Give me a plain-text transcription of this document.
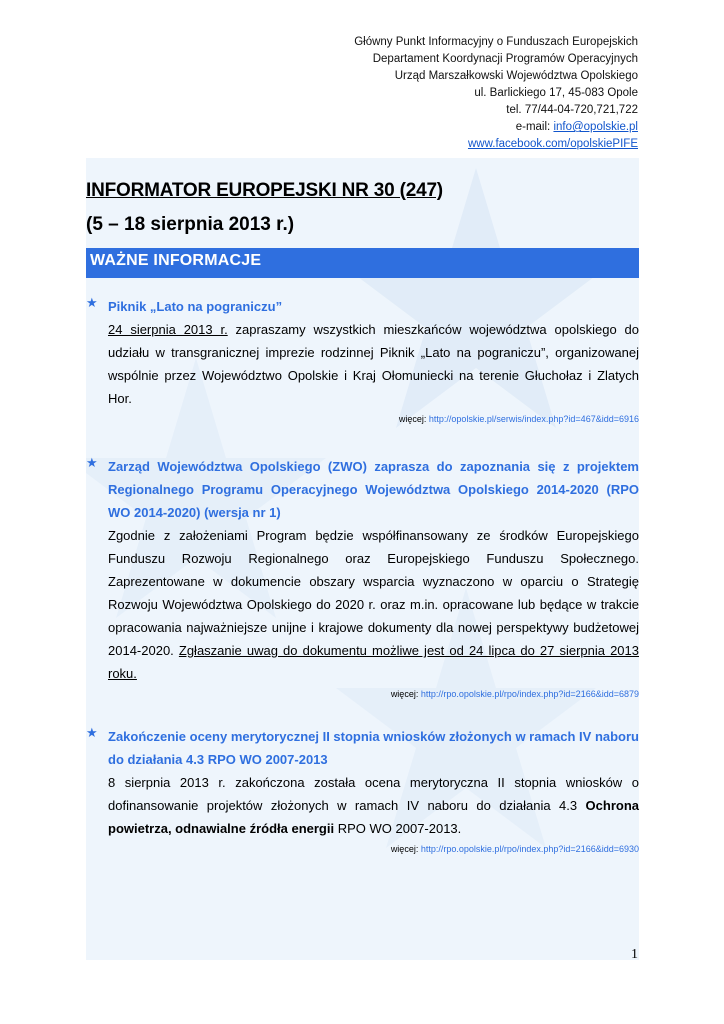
Główny Punkt Informacyjny o Funduszach Europejskich
Departament Koordynacji Programów Operacyjnych
Urząd Marszałkowski Województwa Opolskiego
ul. Barlickiego 17, 45-083 Opole
tel. 77/44-04-720,721,722
e-mail: info@opolskie.pl
www.facebook.com/opolskiePIFE
INFORMATOR EUROPEJSKI NR 30 (247)
(5 – 18 sierpnia 2013 r.)
WAŻNE INFORMACJE
★ Piknik „Lato na pograniczu”
24 sierpnia 2013 r. zapraszamy wszystkich mieszkańców województwa opolskiego do udziału w transgranicznej imprezie rodzinnej Piknik „Lato na pograniczu”, organizowanej wspólnie przez Województwo Opolskie i Kraj Ołomuniecki na terenie Głuchołaz i Zlatych Hor.
więcej: http://opolskie.pl/serwis/index.php?id=467&idd=6916
★ Zarząd Województwa Opolskiego (ZWO) zaprasza do zapoznania się z projektem Regionalnego Programu Operacyjnego Województwa Opolskiego 2014-2020 (RPO WO 2014-2020) (wersja nr 1)
Zgodnie z założeniami Program będzie współfinansowany ze środków Europejskiego Funduszu Rozwoju Regionalnego oraz Europejskiego Funduszu Społecznego. Zaprezentowane w dokumencie obszary wsparcia wyznaczono w oparciu o Strategię Rozwoju Województwa Opolskiego do 2020 r. oraz m.in. opracowane lub będące w trakcie opracowania najważniejsze unijne i krajowe dokumenty dla nowej perspektywy budżetowej 2014-2020. Zgłaszanie uwag do dokumentu możliwe jest od 24 lipca do 27 sierpnia 2013 roku.
więcej: http://rpo.opolskie.pl/rpo/index.php?id=2166&idd=6879
★ Zakończenie oceny merytorycznej II stopnia wniosków złożonych w ramach IV naboru do działania 4.3 RPO WO 2007-2013
8 sierpnia 2013 r. zakończona została ocena merytoryczna II stopnia wniosków o dofinansowanie projektów złożonych w ramach IV naboru do działania 4.3 Ochrona powietrza, odnawialne źródła energii RPO WO 2007-2013.
więcej: http://rpo.opolskie.pl/rpo/index.php?id=2166&idd=6930
1
